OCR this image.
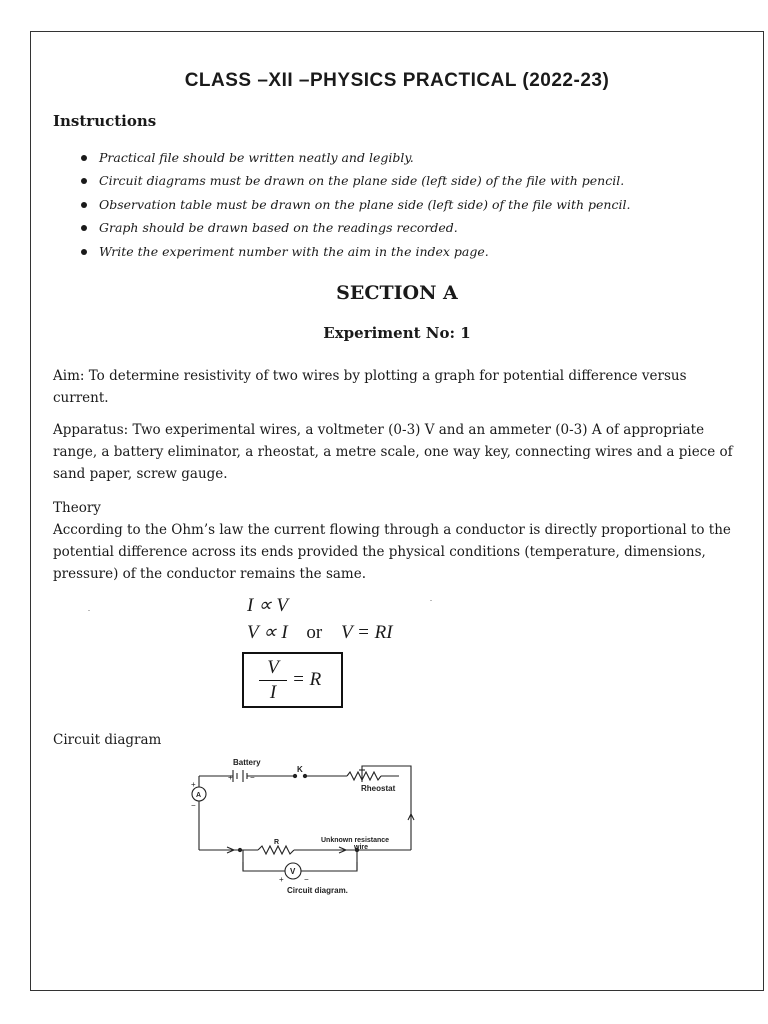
CLASS –XII –PHYSICS PRACTICAL (2022-23)
Instructions
Practical file should be written neatly and legibly.
Circuit diagrams must be drawn on the plane side (left side) of the file with pencil.
Observation table must be drawn on the plane side (left side) of the file with pencil.
Graph should be drawn based on the readings recorded.
Write the experiment number with the aim in the index page.
SECTION A
Experiment No: 1

Aim: To determine resistivity of two wires by plotting a graph for potential difference versus current.

Apparatus: Two experimental wires, a voltmeter (0-3) V and an ammeter (0-3) A of appropriate range, a battery eliminator, a rheostat, a metre scale, one way key, connecting wires and a piece of sand paper, screw gauge.

Theory

According to the Ohm’s law the current flowing through a conductor is directly proportional to the potential difference across its ends provided the physical conditions (temperature, dimensions, pressure) of the conductor remains the same.

I ∝ V
V ∝ I or V = RI
$\frac{V}{I} = R$

Circuit diagram

Battery
+ −
K
Rheostat
A
+
−
Unknown resistance
wire
R
V
+	−
Circuit diagram.
